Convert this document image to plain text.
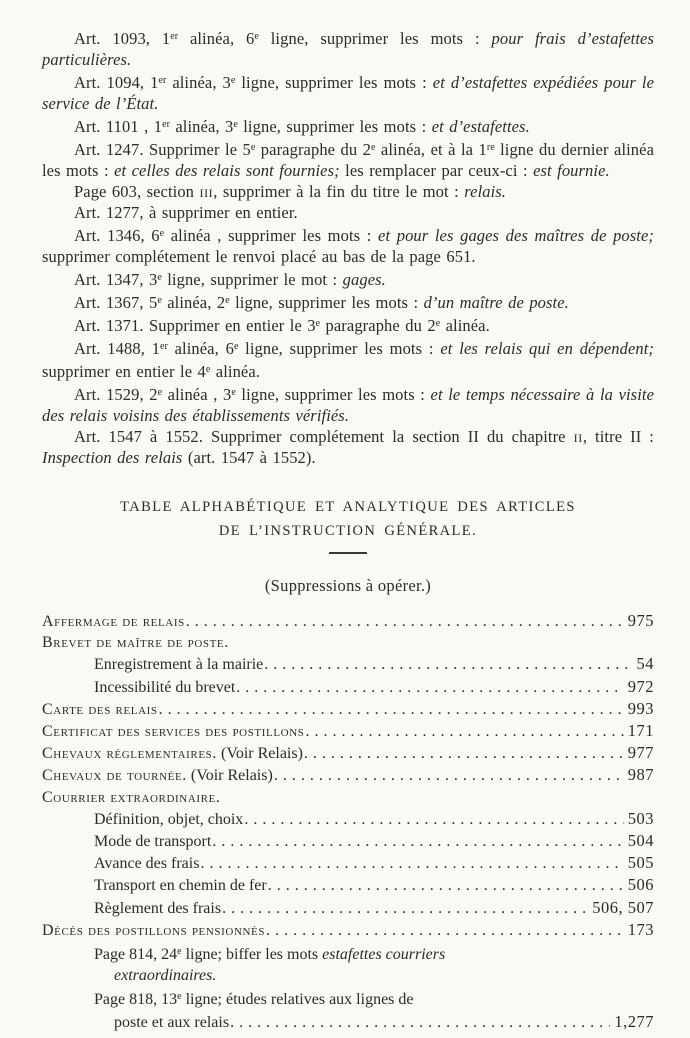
Art. 1093, 1er alinéa, 6e ligne, supprimer les mots : pour frais d’estafettes particulières.

Art. 1094, 1er alinéa, 3e ligne, supprimer les mots : et d’estafettes expédiées pour le service de l’État.

Art. 1101 , 1er alinéa, 3e ligne, supprimer les mots : et d’estafettes.

Art. 1247. Supprimer le 5e paragraphe du 2e alinéa, et à la 1re ligne du dernier alinéa les mots : et celles des relais sont fournies; les remplacer par ceux-ci : est fournie.

Page 603, section iii, supprimer à la fin du titre le mot : relais.

Art. 1277, à supprimer en entier.

Art. 1346, 6e alinéa , supprimer les mots : et pour les gages des maîtres de poste; supprimer complétement le renvoi placé au bas de la page 651.

Art. 1347, 3e ligne, supprimer le mot : gages.

Art. 1367, 5e alinéa, 2e ligne, supprimer les mots : d’un maître de poste.

Art. 1371. Supprimer en entier le 3e paragraphe du 2e alinéa.

Art. 1488, 1er alinéa, 6e ligne, supprimer les mots : et les relais qui en dépendent; supprimer en entier le 4e alinéa.

Art. 1529, 2e alinéa , 3e ligne, supprimer les mots : et le temps nécessaire à la visite des relais voisins des établissements vérifiés.

Art. 1547 à 1552. Supprimer complétement la section II du chapitre ii, titre II : Inspection des relais (art. 1547 à 1552).

TABLE ALPHABÉTIQUE ET ANALYTIQUE DES ARTICLES
DE L’INSTRUCTION GÉNÉRALE.
(Suppressions à opérer.)
Affermage de relais .....	975
Brevet de maître de poste.
Enregistrement à la mairie .....	54
Incessibilité du brevet .....	972
Carte des relais .....	993
Certificat des services des postillons .....	171
Chevaux réglementaires. (Voir Relais) .....	977
Chevaux de tournée. (Voir Relais) .....	987
Courrier extraordinaire.
Définition, objet, choix .....	503
Mode de transport .....	504
Avance des frais .....	505
Transport en chemin de fer .....	506
Règlement des frais .....	506, 507
Décès des postillons pensionnés .....	173
Page 814, 24e ligne; biffer les mots estafettes courriers
extraordinaires.
Page 818, 13e ligne; études relatives aux lignes de
poste et aux relais .....	1,277
